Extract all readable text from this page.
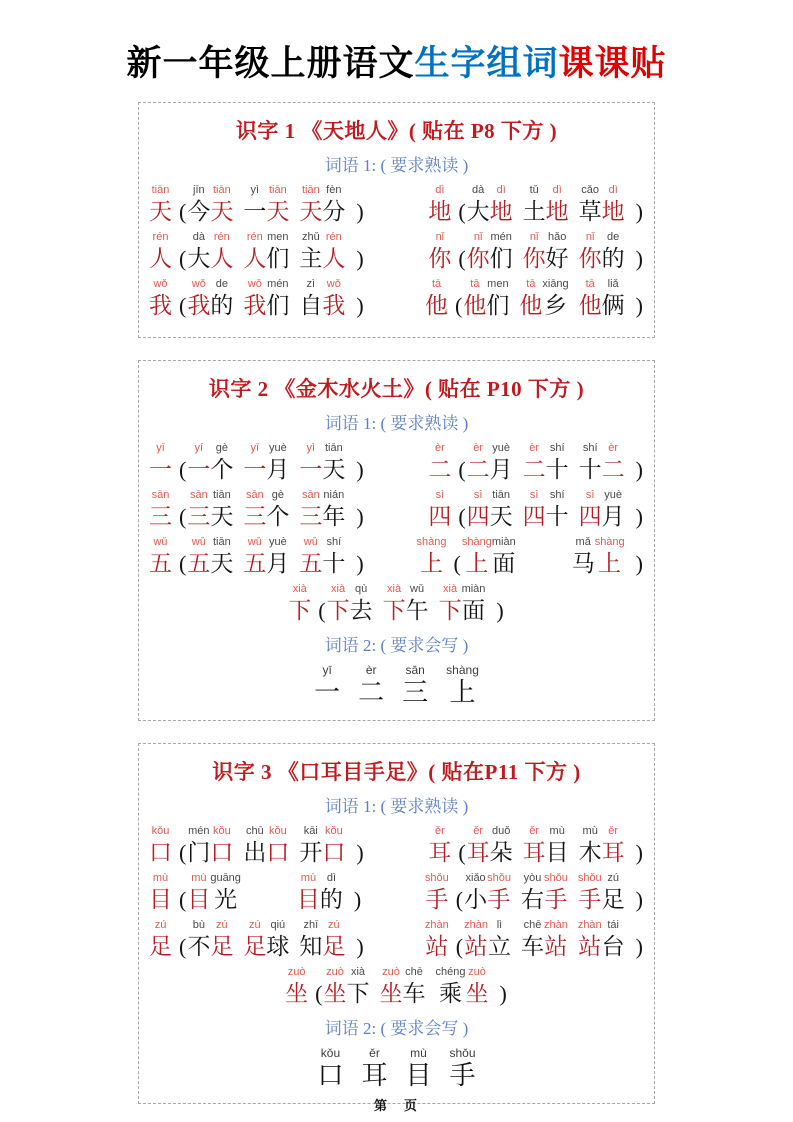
新一年级上册语文生字组词课课贴
识字 1 《天地人》( 贴在 P8 下方 )
词语 1: ( 要求熟读 )
tiān
天 (
jīn
今
tiān
天
yì
一
tiān
天
tiān
天
fèn
分 )
dì
地 (
dà
大
dì
地
tǔ
土
dì
地
cǎo
草
dì
地 )
rén
人 (
dà
大
rén
人
rén
人
men
们
zhǔ
主
rén
人 )
nǐ
你 (
nǐ
你
mén
们
nǐ
你
hǎo
好
nǐ
你
de
的 )
wǒ
我 (
wǒ
我
de
的
wǒ
我
mén
们
zì
自
wǒ
我 )
tā
他 (
tā
他
men
们
tā
他
xiāng
乡
tā
他
liǎ
俩 )
识字 2 《金木水火土》( 贴在 P10 下方 )
词语 1: ( 要求熟读 )
yī
一 (
yí
一
gè
个
yī
一
yuè
月
yì
一
tiān
天 )
èr
二 (
èr
二
yuè
月
èr
二
shí
十
shí
十
èr
二 )
sān
三 (
sān
三
tiān
天
sān
三
gè
个
sān
三
nián
年 )
sì
四 (
sì
四
tiān
天
sì
四
shí
十
sì
四
yuè
月 )
wǔ
五 (
wǔ
五
tiān
天
wǔ
五
yuè
月
wǔ
五
shí
十 )
shàng
上 (
shàng
上
miàn
面
mǎ
马
shàng
上 )
xià
下 (
xià
下
qù
去
xià
下
wǔ
午
xià
下
miàn
面 )
词语 2: ( 要求会写 )
yī
一
èr
二
sān
三
shàng
上
识字 3 《口耳目手足》( 贴在P11 下方 )
词语 1: ( 要求熟读 )
kǒu
口 (
mén
门
kǒu
口
chū
出
kǒu
口
kāi
开
kǒu
口 )
ěr
耳 (
ěr
耳
duǒ
朵
ěr
耳
mù
目
mù
木
ěr
耳 )
mù
目 (
mù
目
guāng
光
mù
目
dì
的 )
shǒu
手 (
xiǎo
小
shǒu
手
yòu
右
shǒu
手
shǒu
手
zú
足 )
zú
足 (
bù
不
zú
足
zú
足
qiú
球
zhī
知
zú
足 )
zhàn
站 (
zhàn
站
lì
立
chē
车
zhàn
站
zhàn
站
tái
台 )
zuò
坐 (
zuò
坐
xià
下
zuò
坐
chē
车
chéng
乘
zuò
坐 )
词语 2: ( 要求会写 )
kǒu
口
ěr
耳
mù
目
shǒu
手
第　页
